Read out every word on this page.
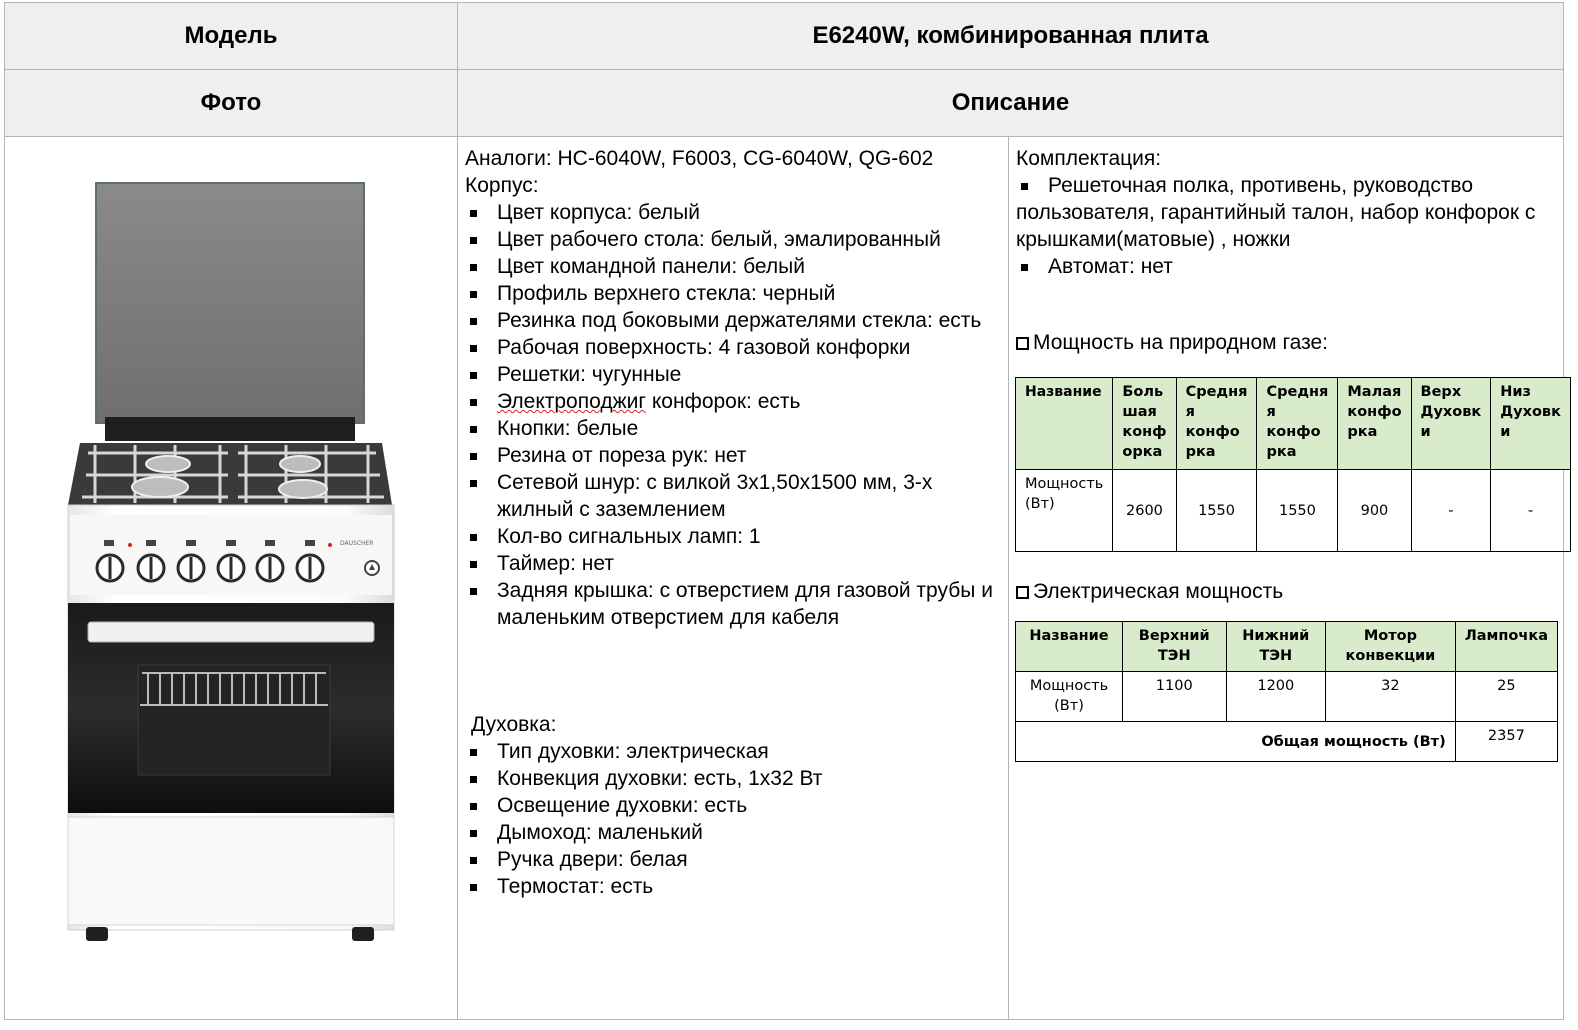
Модель	E6240W, комбинированная плита
Фото	Описание
DAUSCHER

Аналоги: HC-6040W, F6003, CG-6040W, QG-602

Корпус:

Цвет корпуса: белый
Цвет рабочего стола: белый, эмалированный
Цвет командной панели: белый
Профиль верхнего стекла: черный
Резинка под боковыми держателями стекла: есть
Рабочая поверхность: 4 газовой конфорки
Решетки: чугунные
Электроподжиг конфорок: есть
Кнопки: белые
Резина от пореза рук: нет
Сетевой шнур: с вилкой 3х1,50х1500 мм, 3-х жилный с заземлением
Кол-во сигнальных ламп: 1
Таймер: нет
Задняя крышка: с отверстием для газовой трубы и маленьким отверстием для кабеля

Духовка:

Тип духовки: электрическая
Конвекция духовки: есть, 1х32 Вт
Освещение духовки: есть
Дымоход: маленький
Ручка двери: белая
Термостат: есть

Комплектация:

Решеточная полка, противень, руководство пользователя, гарантийный талон, набор конфорок с крышками(матовые) , ножки

Автомат: нет

Мощность на природном газе:
Название	Боль шая конф орка	Средня я конфо рка	Средня я конфо рка	Малая конфо рка	Верх Духовк и	Низ Духовк и
Мощность (Вт)	2600	1550	1550	900	-	-
Электрическая мощность
Название	Верхний ТЭН	Нижний ТЭН	Мотор конвекции	Лампочка
Мощность (Вт)	1100	1200	32	25
Общая мощность (Вт)				2357
